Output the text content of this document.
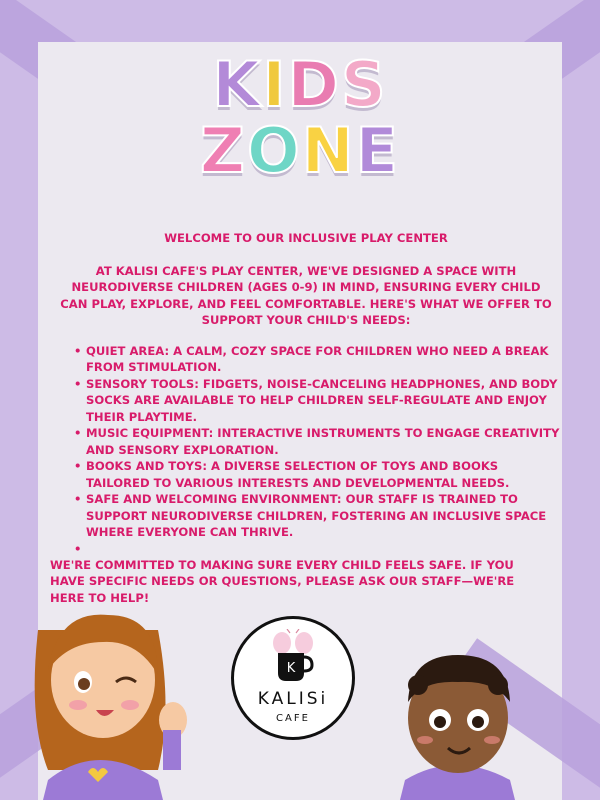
KIDS
ZONE

WELCOME TO OUR INCLUSIVE PLAY CENTER

AT KALISI CAFE'S PLAY CENTER, WE'VE DESIGNED A SPACE WITH NEURODIVERSE CHILDREN (AGES 0-9) IN MIND, ENSURING EVERY CHILD CAN PLAY, EXPLORE, AND FEEL COMFORTABLE. HERE'S WHAT WE OFFER TO SUPPORT YOUR CHILD'S NEEDS:

• QUIET AREA: A CALM, COZY SPACE FOR CHILDREN WHO NEED A BREAK FROM STIMULATION.
• SENSORY TOOLS: FIDGETS, NOISE-CANCELING HEADPHONES, AND BODY SOCKS ARE AVAILABLE TO HELP CHILDREN SELF-REGULATE AND ENJOY THEIR PLAYTIME.
• MUSIC EQUIPMENT: INTERACTIVE INSTRUMENTS TO ENGAGE CREATIVITY AND SENSORY EXPLORATION.
• BOOKS AND TOYS: A DIVERSE SELECTION OF TOYS AND BOOKS TAILORED TO VARIOUS INTERESTS AND DEVELOPMENTAL NEEDS.
• SAFE AND WELCOMING ENVIRONMENT: OUR STAFF IS TRAINED TO SUPPORT NEURODIVERSE CHILDREN, FOSTERING AN INCLUSIVE SPACE WHERE EVERYONE CAN THRIVE.
•

WE'RE COMMITTED TO MAKING SURE EVERY CHILD FEELS SAFE. IF YOU HAVE SPECIFIC NEEDS OR QUESTIONS, PLEASE ASK OUR STAFF—WE'RE HERE TO HELP!

K
KALISi
CAFE
